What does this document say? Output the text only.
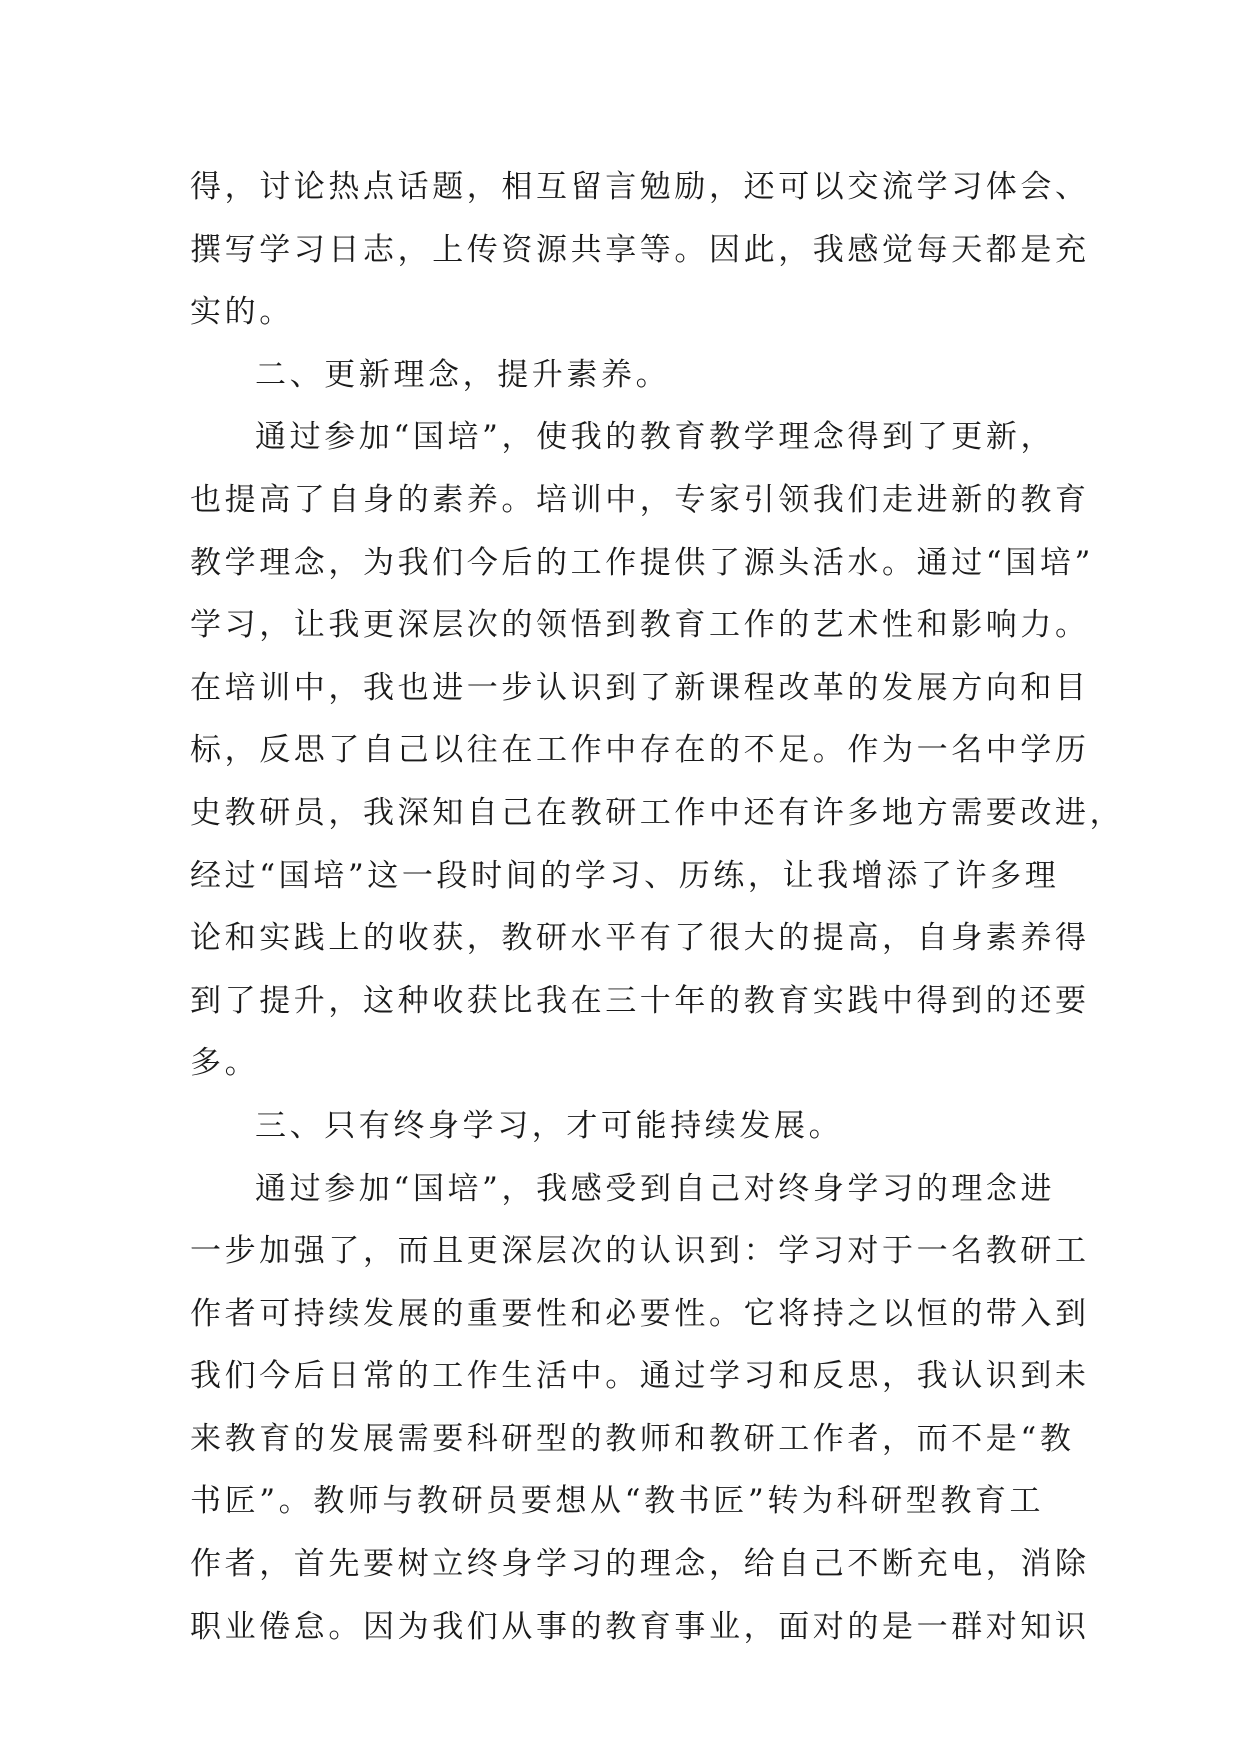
得，讨论热点话题，相互留言勉励，还可以交流学习体会、
撰写学习日志，上传资源共享等。因此，我感觉每天都是充
实的。
二、更新理念，提升素养。
通过参加“国培”，使我的教育教学理念得到了更新，
也提高了自身的素养。培训中，专家引领我们走进新的教育
教学理念，为我们今后的工作提供了源头活水。通过“国培”
学习，让我更深层次的领悟到教育工作的艺术性和影响力。
在培训中，我也进一步认识到了新课程改革的发展方向和目
标，反思了自己以往在工作中存在的不足。作为一名中学历
史教研员，我深知自己在教研工作中还有许多地方需要改进，
经过“国培”这一段时间的学习、历练，让我增添了许多理
论和实践上的收获，教研水平有了很大的提高，自身素养得
到了提升，这种收获比我在三十年的教育实践中得到的还要
多。
三、只有终身学习，才可能持续发展。
通过参加“国培”，我感受到自己对终身学习的理念进
一步加强了，而且更深层次的认识到：学习对于一名教研工
作者可持续发展的重要性和必要性。它将持之以恒的带入到
我们今后日常的工作生活中。通过学习和反思，我认识到未
来教育的发展需要科研型的教师和教研工作者，而不是“教
书匠”。教师与教研员要想从“教书匠”转为科研型教育工
作者，首先要树立终身学习的理念，给自己不断充电，消除
职业倦怠。因为我们从事的教育事业，面对的是一群对知识
